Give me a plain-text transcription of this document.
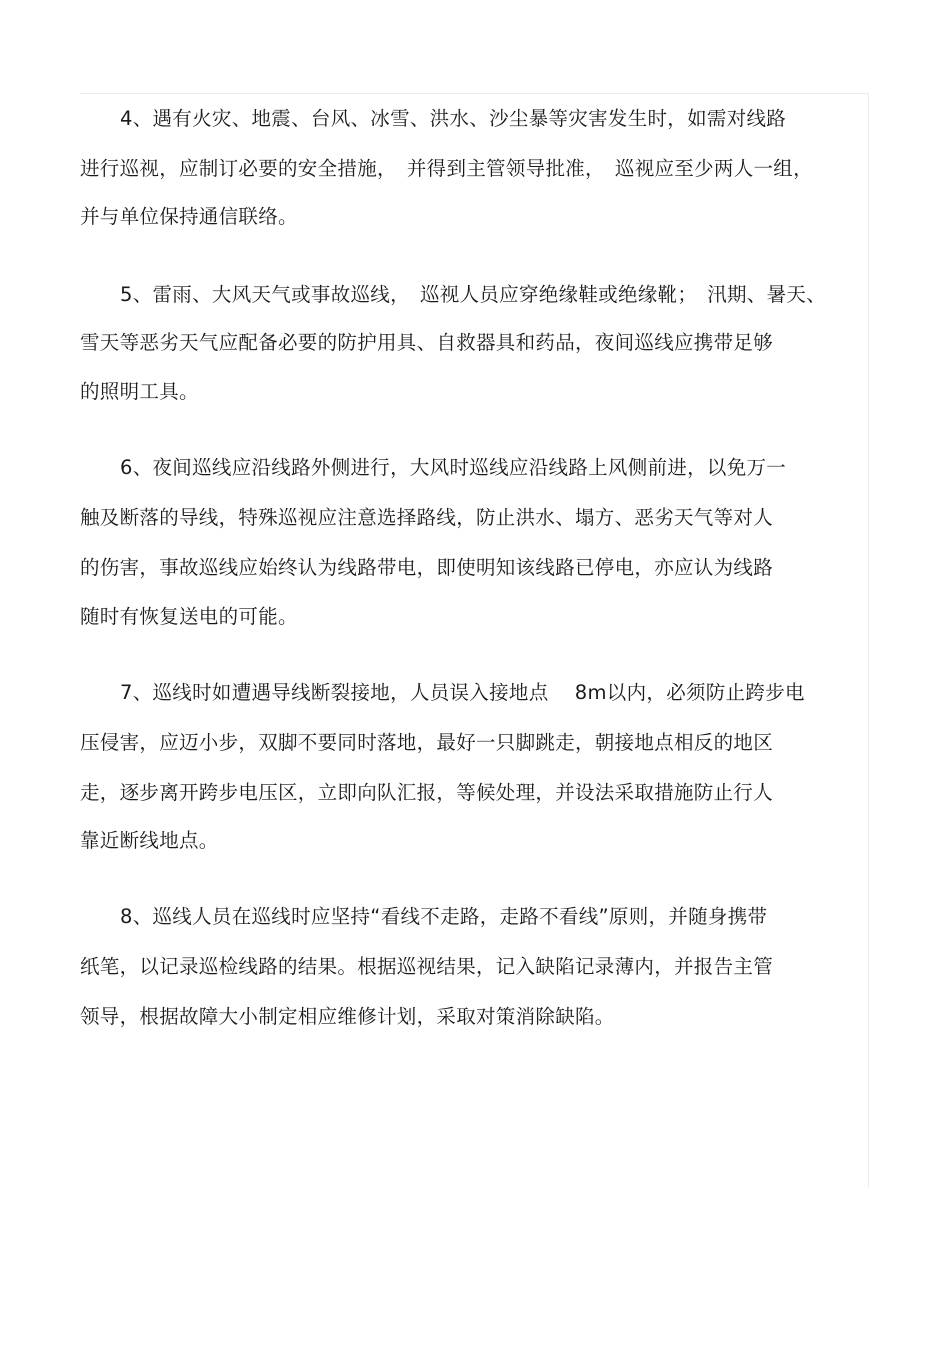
4、遇有火灾、地震、台风、冰雪、洪水、沙尘暴等灾害发生时，如需对线路
进行巡视，应制订必要的安全措施，　并得到主管领导批准，　巡视应至少两人一组，
并与单位保持通信联络。
5、雷雨、大风天气或事故巡线，　巡视人员应穿绝缘鞋或绝缘靴；　汛期、暑天、
雪天等恶劣天气应配备必要的防护用具、自救器具和药品，夜间巡线应携带足够
的照明工具。
6、夜间巡线应沿线路外侧进行，大风时巡线应沿线路上风侧前进，以免万一
触及断落的导线，特殊巡视应注意选择路线，防止洪水、塌方、恶劣天气等对人
的伤害，事故巡线应始终认为线路带电，即使明知该线路已停电，亦应认为线路
随时有恢复送电的可能。
7、巡线时如遭遇导线断裂接地，人员误入接地点　 8m以内，必须防止跨步电
压侵害，应迈小步，双脚不要同时落地，最好一只脚跳走，朝接地点相反的地区
走，逐步离开跨步电压区，立即向队汇报，等候处理，并设法采取措施防止行人
靠近断线地点。
8、巡线人员在巡线时应坚持“看线不走路，走路不看线”原则，并随身携带
纸笔，以记录巡检线路的结果。根据巡视结果，记入缺陷记录薄内，并报告主管
领导，根据故障大小制定相应维修计划，采取对策消除缺陷。
